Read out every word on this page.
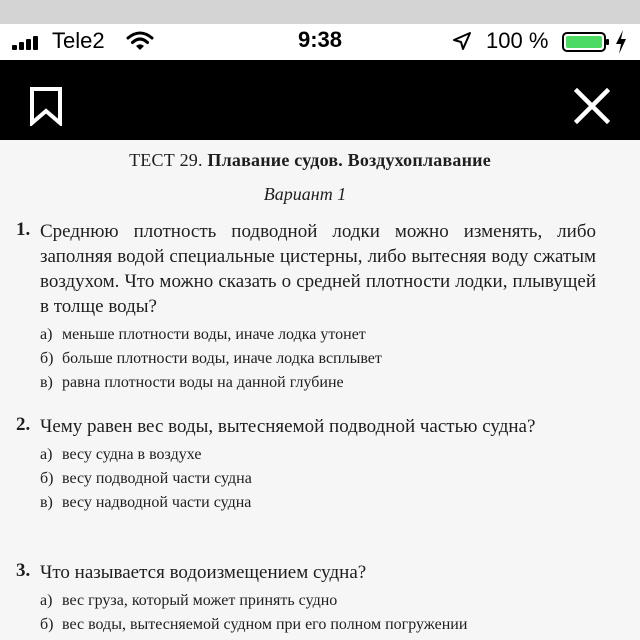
Tele2	9:38	100 %
ТЕСТ 29. Плавание судов. Воздухоплавание
Вариант 1
1. Среднюю плотность подводной лодки можно изменять, либо заполняя водой специальные цистерны, либо вытесняя воду сжатым воздухом. Что можно сказать о средней плотности лодки, плывущей в толще воды?
а) меньше плотности воды, иначе лодка утонет
б) больше плотности воды, иначе лодка всплывет
в) равна плотности воды на данной глубине
2. Чему равен вес воды, вытесняемой подводной частью судна?
а) весу судна в воздухе
б) весу подводной части судна
в) весу надводной части судна
3. Что называется водоизмещением судна?
а) вес груза, который может принять судно
б) вес воды, вытесняемой судном при его полном погружении
